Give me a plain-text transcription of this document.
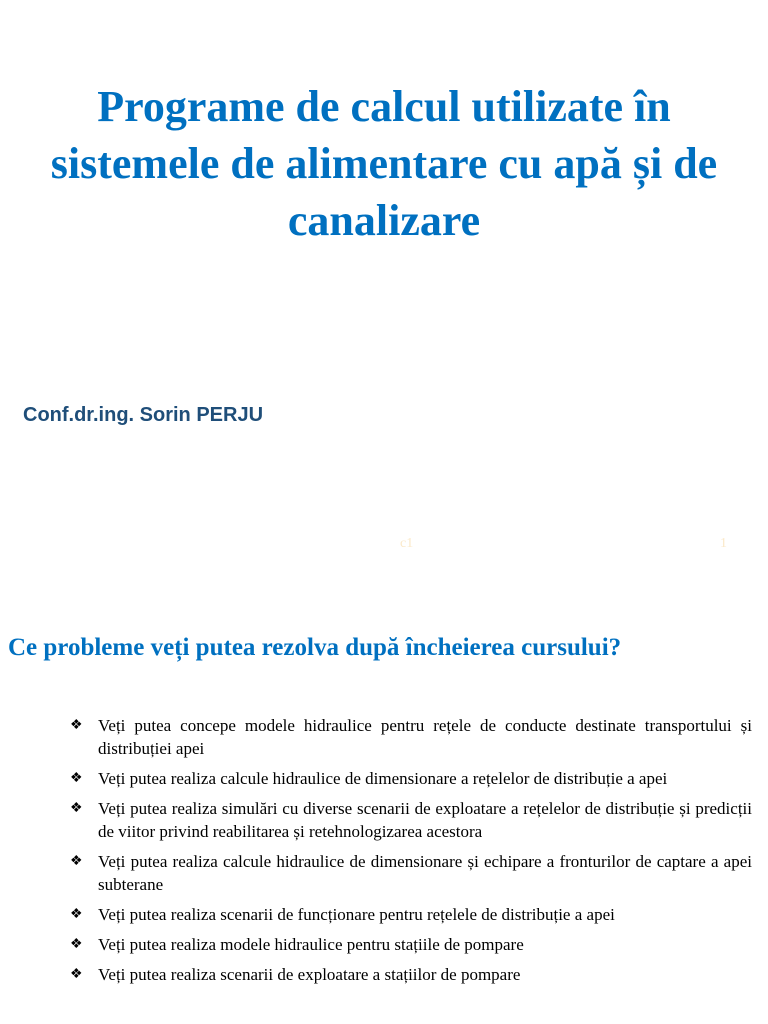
Programe de calcul utilizate în sistemele de alimentare cu apă și de canalizare

Conf.dr.ing. Sorin PERJU

c1	1
Ce probleme veți putea rezolva după încheierea cursului?
❖ Veți putea concepe modele hidraulice pentru rețele de conducte destinate transportului și distribuției apei
❖ Veți putea realiza calcule hidraulice de dimensionare a rețelelor de distribuție a apei
❖ Veți putea realiza simulări cu diverse scenarii de exploatare a rețelelor de distribuție și predicții de viitor privind reabilitarea și retehnologizarea acestora
❖ Veți putea realiza calcule hidraulice de dimensionare și echipare a fronturilor de captare a apei subterane
❖ Veți putea realiza scenarii de funcționare pentru rețelele de distribuție a apei
❖ Veți putea realiza modele hidraulice pentru stațiile de pompare
❖ Veți putea realiza scenarii de exploatare a stațiilor de pompare
